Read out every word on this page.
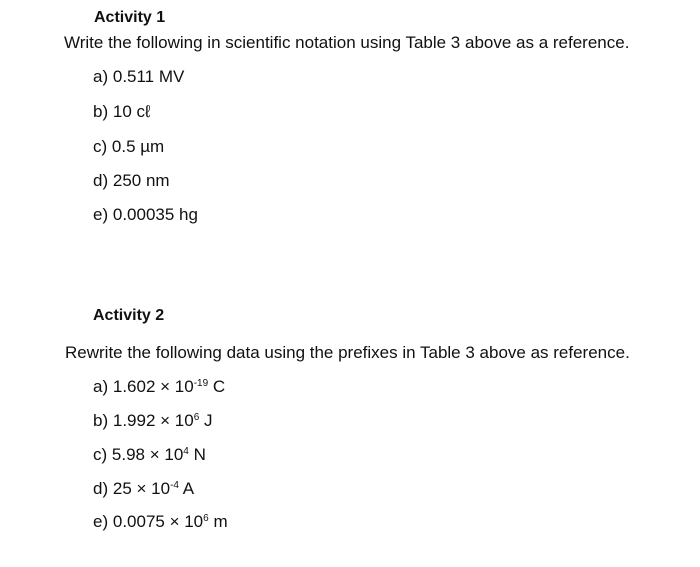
Activity 1
Write the following in scientific notation using Table 3 above as a reference.
a) 0.511 MV
b) 10 cℓ
c) 0.5 µm
d) 250 nm
e) 0.00035 hg
Activity 2
Rewrite the following data using the prefixes in Table 3 above as reference.
a) $1.602 \times 10^{-19}$ C
b) $1.992 \times 10^6$ J
c) $5.98 \times 10^4$ N
d) $25 \times 10^{-4}$ A
e) $0.0075 \times 10^6$ m
